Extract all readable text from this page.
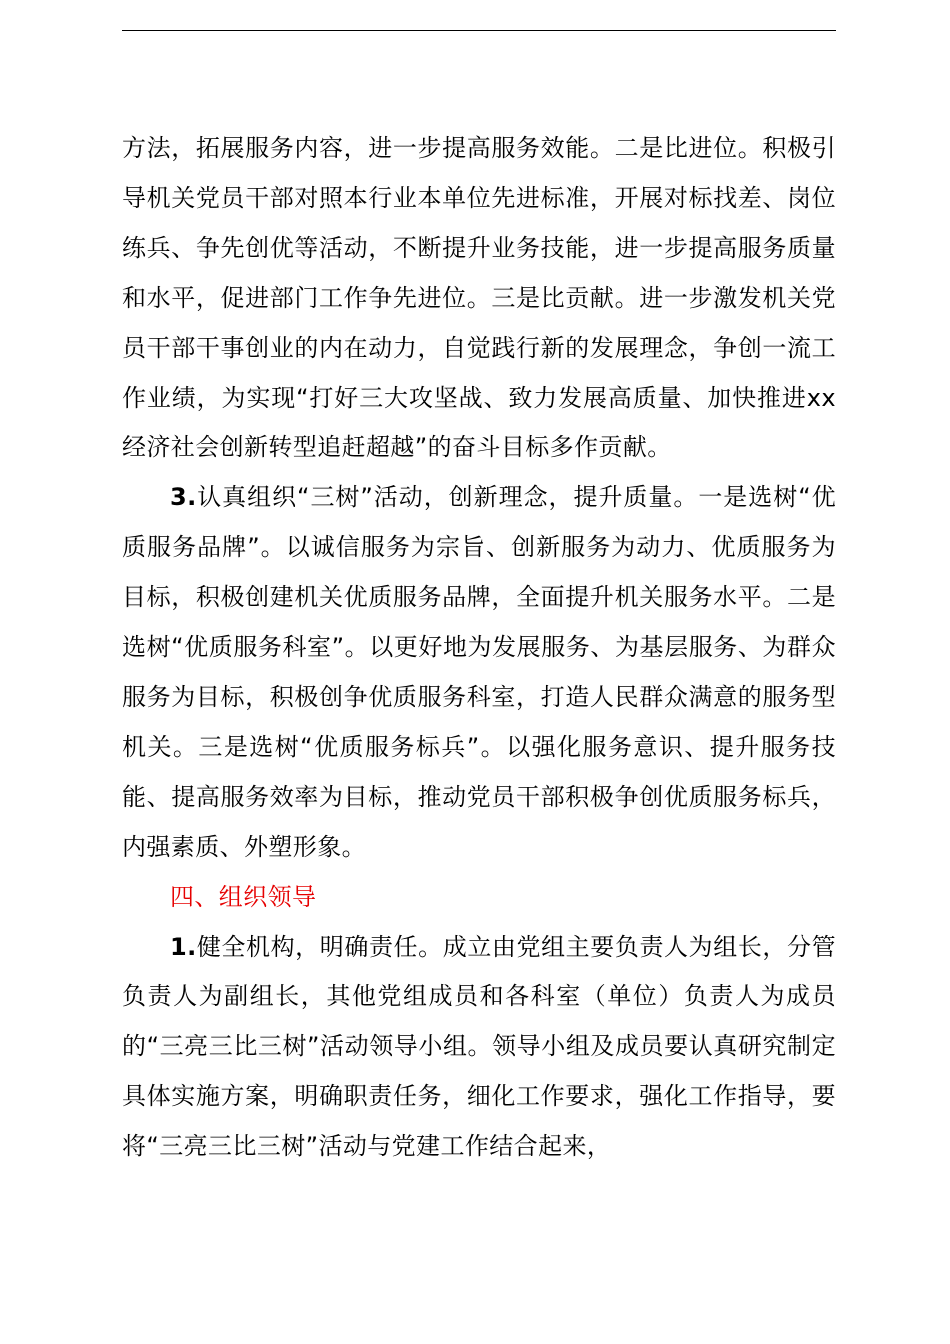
方法，拓展服务内容，进一步提高服务效能。二是比进位。积极引导机关党员干部对照本行业本单位先进标准，开展对标找差、岗位练兵、争先创优等活动，不断提升业务技能，进一步提高服务质量和水平，促进部门工作争先进位。三是比贡献。进一步激发机关党员干部干事创业的内在动力，自觉践行新的发展理念，争创一流工作业绩，为实现“打好三大攻坚战、致力发展高质量、加快推进xx经济社会创新转型追赶超越”的奋斗目标多作贡献。

3.认真组织“三树”活动，创新理念，提升质量。一是选树“优质服务品牌”。以诚信服务为宗旨、创新服务为动力、优质服务为目标，积极创建机关优质服务品牌，全面提升机关服务水平。二是选树“优质服务科室”。以更好地为发展服务、为基层服务、为群众服务为目标，积极创争优质服务科室，打造人民群众满意的服务型机关。三是选树“优质服务标兵”。以强化服务意识、提升服务技能、提高服务效率为目标，推动党员干部积极争创优质服务标兵，内强素质、外塑形象。

四、组织领导

1.健全机构，明确责任。成立由党组主要负责人为组长，分管负责人为副组长，其他党组成员和各科室（单位）负责人为成员的“三亮三比三树”活动领导小组。领导小组及成员要认真研究制定具体实施方案，明确职责任务，细化工作要求，强化工作指导，要将“三亮三比三树”活动与党建工作结合起来，
